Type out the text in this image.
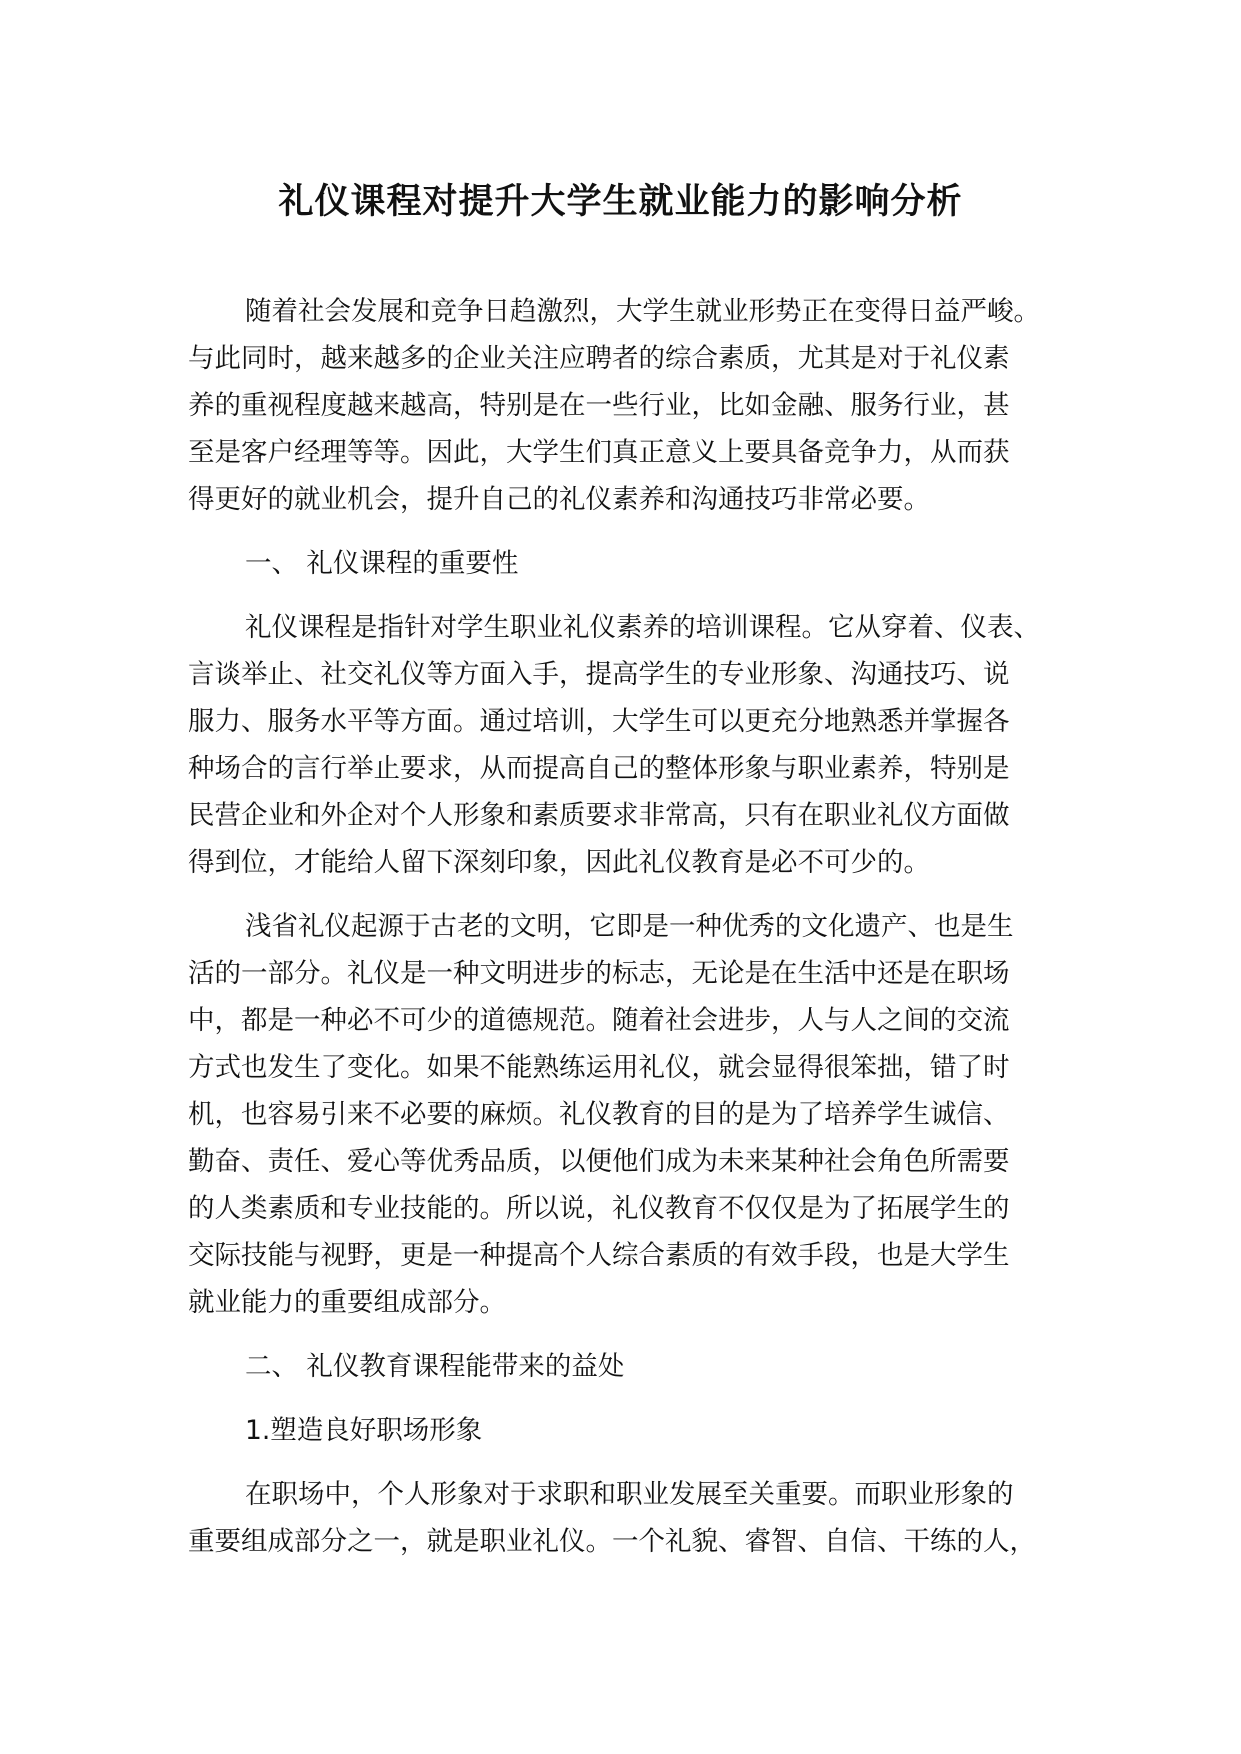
礼仪课程对提升大学生就业能力的影响分析
随着社会发展和竞争日趋激烈，大学生就业形势正在变得日益严峻。
与此同时，越来越多的企业关注应聘者的综合素质，尤其是对于礼仪素
养的重视程度越来越高，特别是在一些行业，比如金融、服务行业，甚
至是客户经理等等。因此，大学生们真正意义上要具备竞争力，从而获
得更好的就业机会，提升自己的礼仪素养和沟通技巧非常必要。
一、 礼仪课程的重要性
礼仪课程是指针对学生职业礼仪素养的培训课程。它从穿着、仪表、
言谈举止、社交礼仪等方面入手，提高学生的专业形象、沟通技巧、说
服力、服务水平等方面。通过培训，大学生可以更充分地熟悉并掌握各
种场合的言行举止要求，从而提高自己的整体形象与职业素养，特别是
民营企业和外企对个人形象和素质要求非常高，只有在职业礼仪方面做
得到位，才能给人留下深刻印象，因此礼仪教育是必不可少的。
浅省礼仪起源于古老的文明，它即是一种优秀的文化遗产、也是生
活的一部分。礼仪是一种文明进步的标志，无论是在生活中还是在职场
中，都是一种必不可少的道德规范。随着社会进步，人与人之间的交流
方式也发生了变化。如果不能熟练运用礼仪，就会显得很笨拙，错了时
机，也容易引来不必要的麻烦。礼仪教育的目的是为了培养学生诚信、
勤奋、责任、爱心等优秀品质，以便他们成为未来某种社会角色所需要
的人类素质和专业技能的。所以说，礼仪教育不仅仅是为了拓展学生的
交际技能与视野，更是一种提高个人综合素质的有效手段，也是大学生
就业能力的重要组成部分。
二、 礼仪教育课程能带来的益处
1.塑造良好职场形象
在职场中，个人形象对于求职和职业发展至关重要。而职业形象的
重要组成部分之一，就是职业礼仪。一个礼貌、睿智、自信、干练的人，
